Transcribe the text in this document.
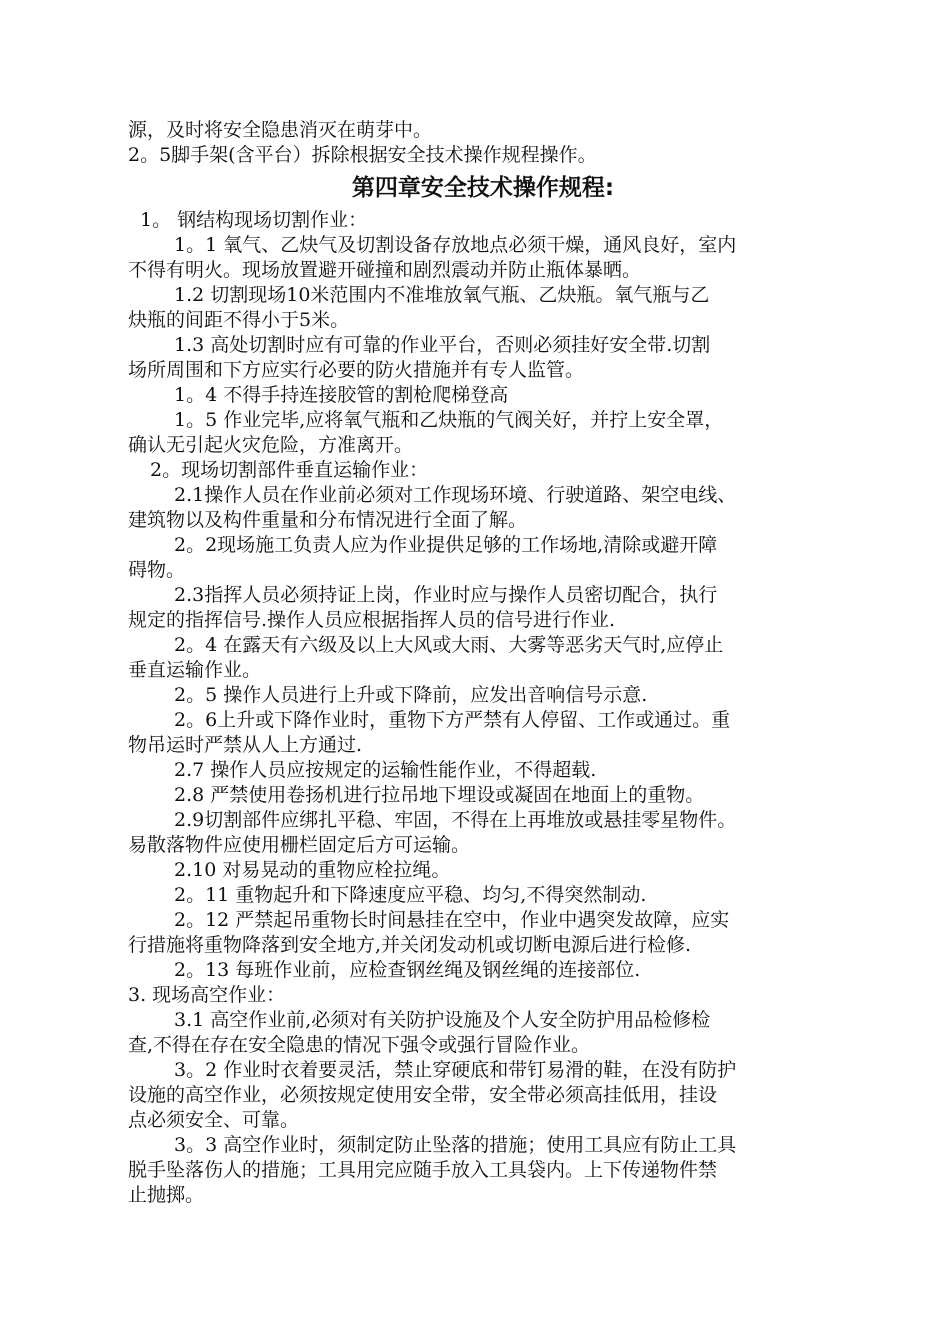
源，及时将安全隐患消灭在萌芽中。
2。5脚手架(含平台）拆除根据安全技术操作规程操作。
第四章安全技术操作规程:
1。 钢结构现场切割作业：
1。1 氧气、乙炔气及切割设备存放地点必须干燥，通风良好，室内
不得有明火。现场放置避开碰撞和剧烈震动并防止瓶体暴晒。
1.2 切割现场10米范围内不准堆放氧气瓶、乙炔瓶。氧气瓶与乙
炔瓶的间距不得小于5米。
1.3 高处切割时应有可靠的作业平台，否则必须挂好安全带.切割
场所周围和下方应实行必要的防火措施并有专人监管。
1。4 不得手持连接胶管的割枪爬梯登高
1。5 作业完毕,应将氧气瓶和乙炔瓶的气阀关好，并拧上安全罩，
确认无引起火灾危险，方准离开。
2。现场切割部件垂直运输作业：
2.1操作人员在作业前必须对工作现场环境、行驶道路、架空电线、
建筑物以及构件重量和分布情况进行全面了解。
2。2现场施工负责人应为作业提供足够的工作场地,清除或避开障
碍物。
2.3指挥人员必须持证上岗，作业时应与操作人员密切配合，执行
规定的指挥信号.操作人员应根据指挥人员的信号进行作业.
2。4 在露天有六级及以上大风或大雨、大雾等恶劣天气时,应停止
垂直运输作业。
2。5 操作人员进行上升或下降前，应发出音响信号示意.
2。6上升或下降作业时，重物下方严禁有人停留、工作或通过。重
物吊运时严禁从人上方通过.
2.7 操作人员应按规定的运输性能作业，不得超载.
2.8 严禁使用卷扬机进行拉吊地下埋设或凝固在地面上的重物。
2.9切割部件应绑扎平稳、牢固，不得在上再堆放或悬挂零星物件。
易散落物件应使用栅栏固定后方可运输。
2.10 对易晃动的重物应栓拉绳。
2。11 重物起升和下降速度应平稳、均匀,不得突然制动.
2。12 严禁起吊重物长时间悬挂在空中，作业中遇突发故障，应实
行措施将重物降落到安全地方,并关闭发动机或切断电源后进行检修.
2。13 每班作业前，应检查钢丝绳及钢丝绳的连接部位.
3. 现场高空作业：
3.1 高空作业前,必须对有关防护设施及个人安全防护用品检修检
查,不得在存在安全隐患的情况下强令或强行冒险作业。
3。2 作业时衣着要灵活，禁止穿硬底和带钉易滑的鞋，在没有防护
设施的高空作业，必须按规定使用安全带，安全带必须高挂低用，挂设
点必须安全、可靠。
3。3 高空作业时，须制定防止坠落的措施；使用工具应有防止工具
脱手坠落伤人的措施；工具用完应随手放入工具袋内。上下传递物件禁
止抛掷。
